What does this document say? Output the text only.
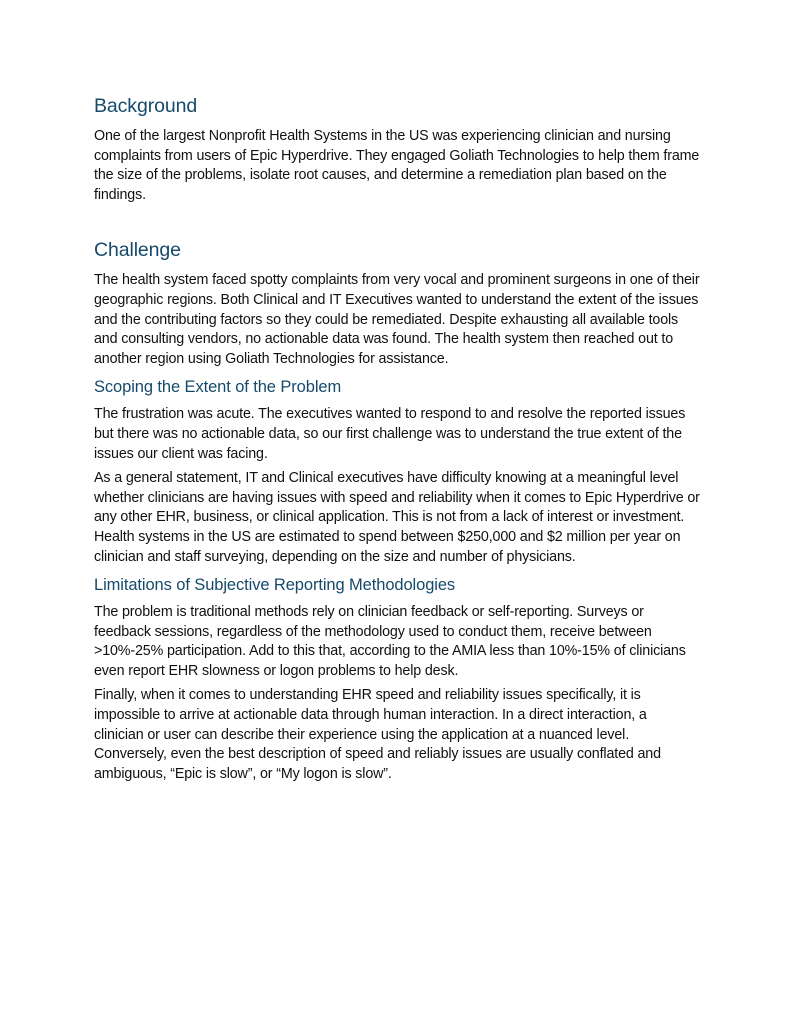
Background

One of the largest Nonprofit Health Systems in the US was experiencing clinician and nursing complaints from users of Epic Hyperdrive. They engaged Goliath Technologies to help them frame the size of the problems, isolate root causes, and determine a remediation plan based on the findings.

Challenge

The health system faced spotty complaints from very vocal and prominent surgeons in one of their geographic regions. Both Clinical and IT Executives wanted to understand the extent of the issues and the contributing factors so they could be remediated. Despite exhausting all available tools and consulting vendors, no actionable data was found. The health system then reached out to another region using Goliath Technologies for assistance.

Scoping the Extent of the Problem

The frustration was acute. The executives wanted to respond to and resolve the reported issues but there was no actionable data, so our first challenge was to understand the true extent of the issues our client was facing.

As a general statement, IT and Clinical executives have difficulty knowing at a meaningful level whether clinicians are having issues with speed and reliability when it comes to Epic Hyperdrive or any other EHR, business, or clinical application. This is not from a lack of interest or investment. Health systems in the US are estimated to spend between $250,000 and $2 million per year on clinician and staff surveying, depending on the size and number of physicians.

Limitations of Subjective Reporting Methodologies

The problem is traditional methods rely on clinician feedback or self-reporting. Surveys or feedback sessions, regardless of the methodology used to conduct them, receive between >10%-25% participation. Add to this that, according to the AMIA less than 10%-15% of clinicians even report EHR slowness or logon problems to help desk.

Finally, when it comes to understanding EHR speed and reliability issues specifically, it is impossible to arrive at actionable data through human interaction. In a direct interaction, a clinician or user can describe their experience using the application at a nuanced level. Conversely, even the best description of speed and reliably issues are usually conflated and ambiguous, “Epic is slow”, or “My logon is slow”.
